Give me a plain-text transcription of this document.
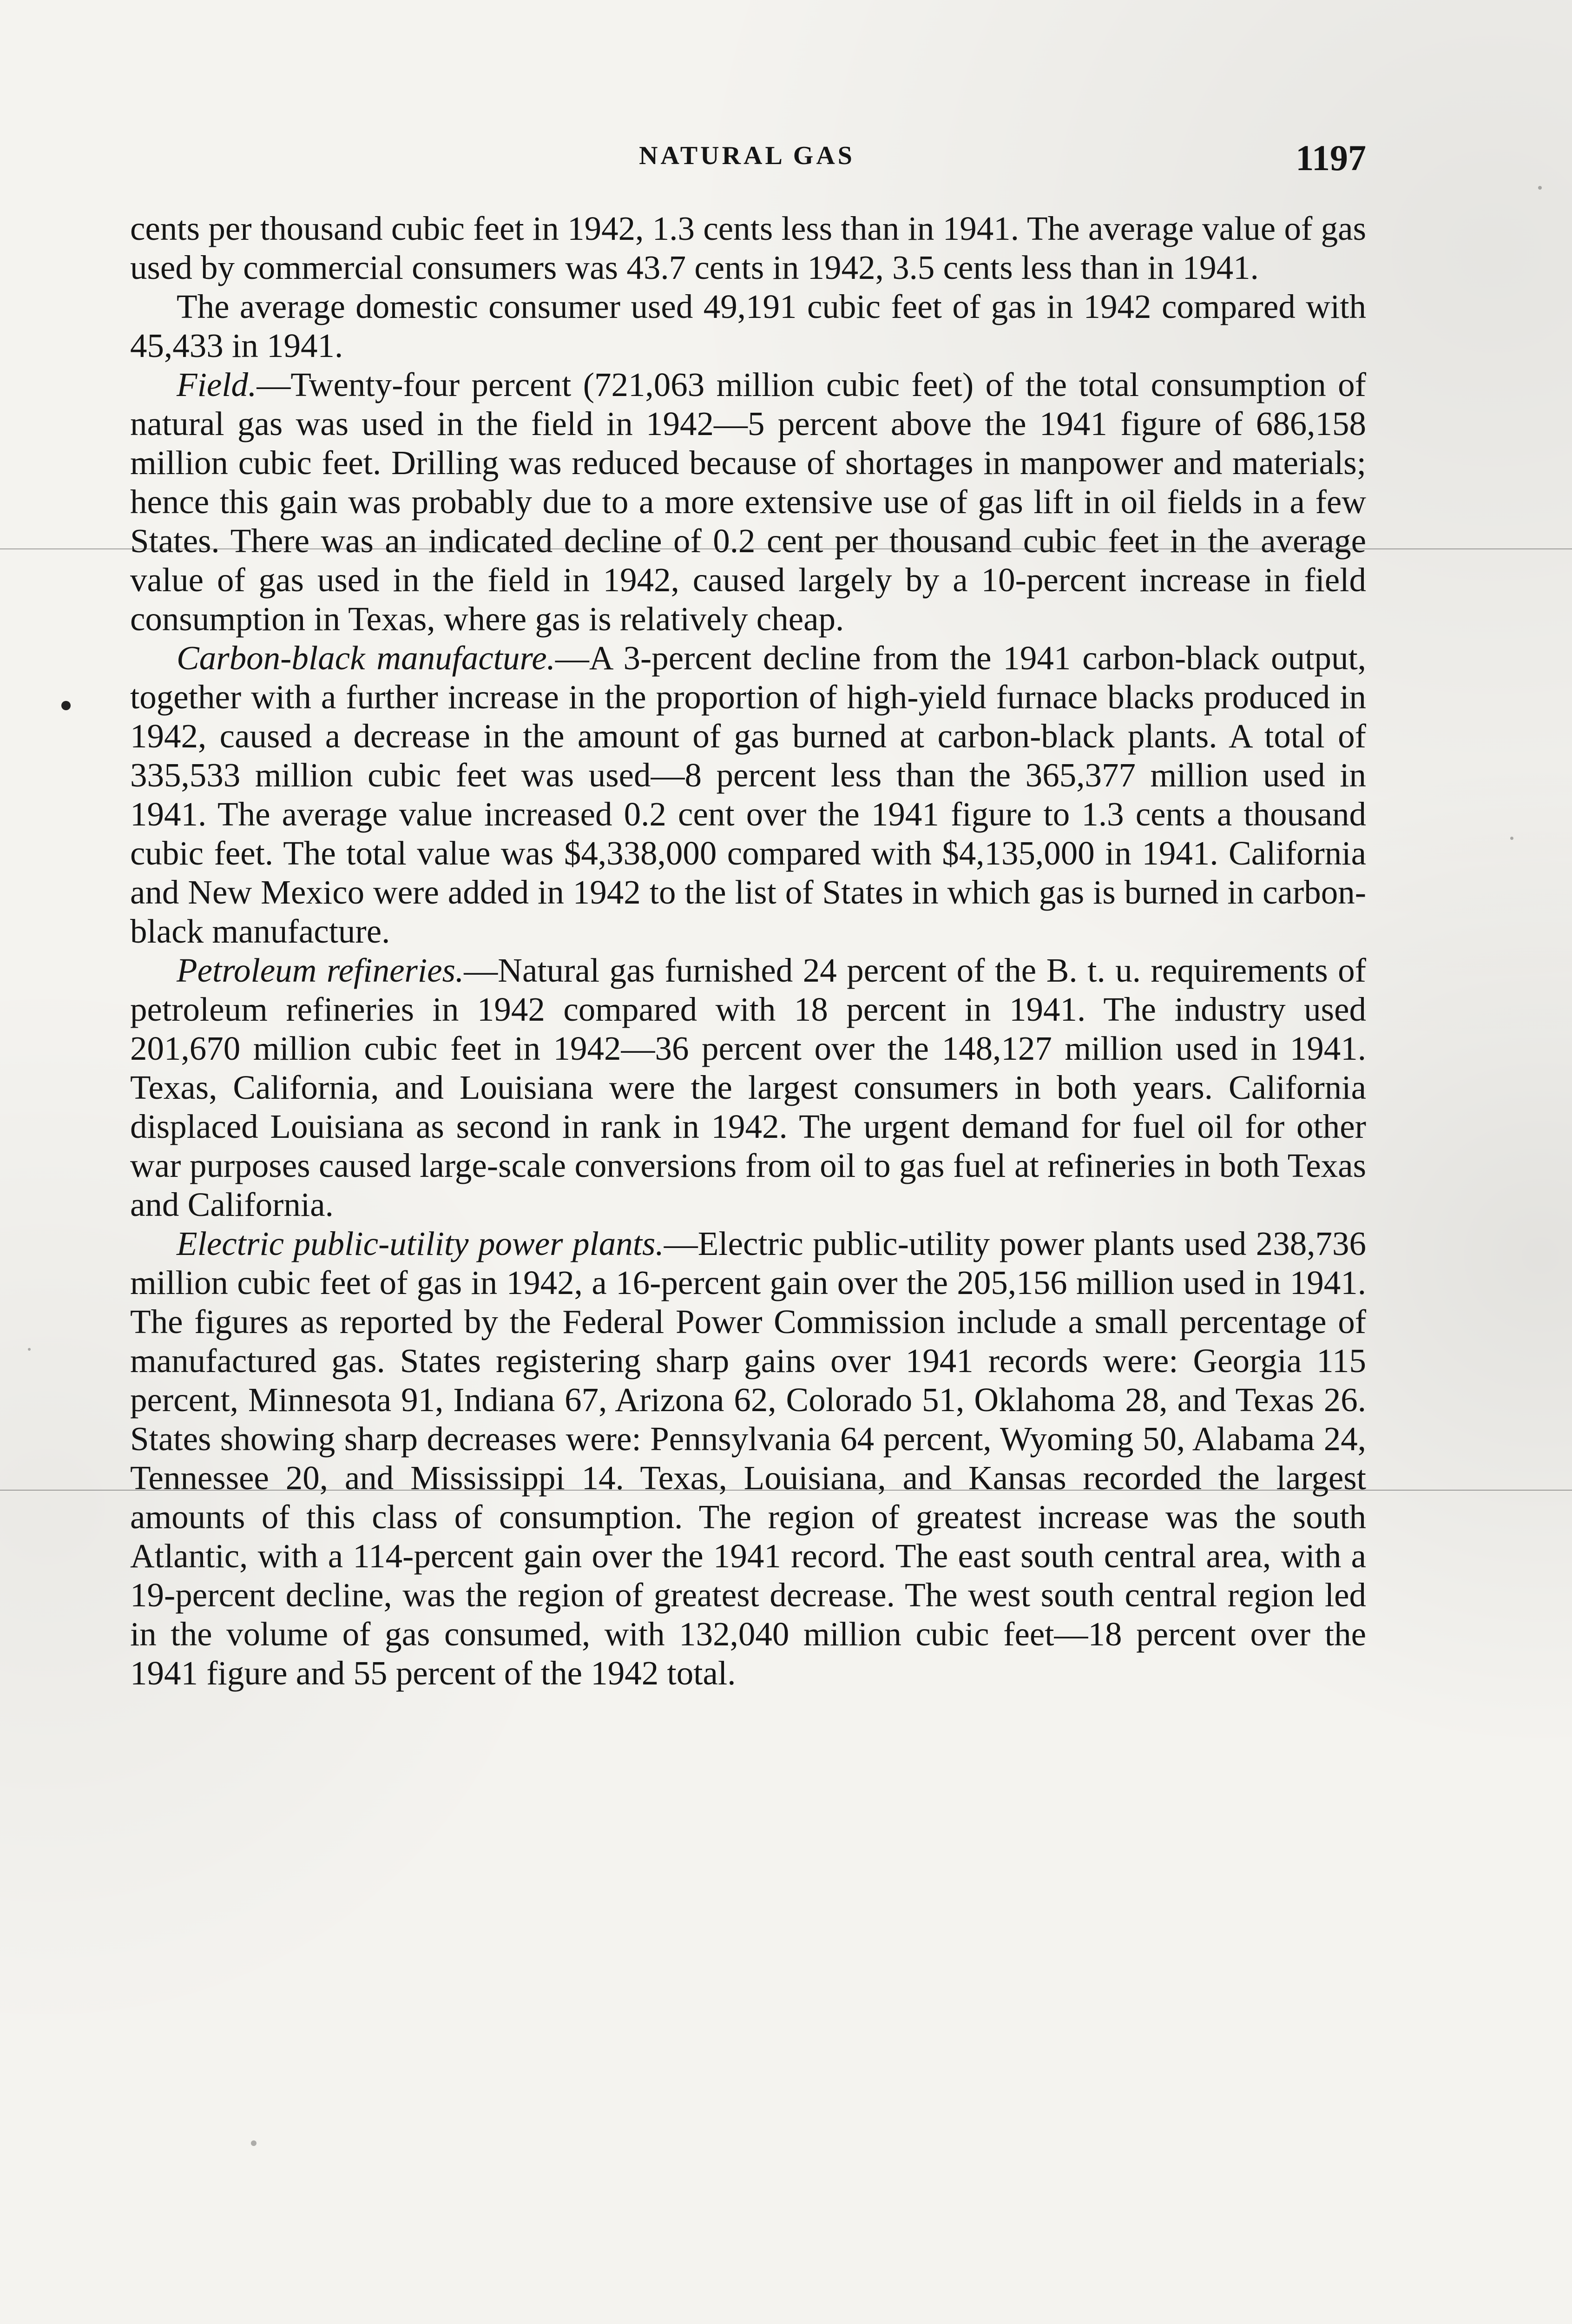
NATURAL GAS	1197

cents per thousand cubic feet in 1942, 1.3 cents less than in 1941. The average value of gas used by commercial consumers was 43.7 cents in 1942, 3.5 cents less than in 1941.

The average domestic consumer used 49,191 cubic feet of gas in 1942 compared with 45,433 in 1941.

Field.—Twenty-four percent (721,063 million cubic feet) of the total consumption of natural gas was used in the field in 1942—5 percent above the 1941 figure of 686,158 million cubic feet. Drilling was reduced because of shortages in manpower and materials; hence this gain was probably due to a more extensive use of gas lift in oil fields in a few States. There was an indicated decline of 0.2 cent per thousand cubic feet in the average value of gas used in the field in 1942, caused largely by a 10-percent increase in field consumption in Texas, where gas is relatively cheap.

Carbon-black manufacture.—A 3-percent decline from the 1941 carbon-black output, together with a further increase in the proportion of high-yield furnace blacks produced in 1942, caused a decrease in the amount of gas burned at carbon-black plants. A total of 335,533 million cubic feet was used—8 percent less than the 365,377 million used in 1941. The average value increased 0.2 cent over the 1941 figure to 1.3 cents a thousand cubic feet. The total value was $4,338,000 compared with $4,135,000 in 1941. California and New Mexico were added in 1942 to the list of States in which gas is burned in carbon-black manufacture.

Petroleum refineries.—Natural gas furnished 24 percent of the B. t. u. requirements of petroleum refineries in 1942 compared with 18 percent in 1941. The industry used 201,670 million cubic feet in 1942—36 percent over the 148,127 million used in 1941. Texas, California, and Louisiana were the largest consumers in both years. California displaced Louisiana as second in rank in 1942. The urgent demand for fuel oil for other war purposes caused large-scale conversions from oil to gas fuel at refineries in both Texas and California.

Electric public-utility power plants.—Electric public-utility power plants used 238,736 million cubic feet of gas in 1942, a 16-percent gain over the 205,156 million used in 1941. The figures as reported by the Federal Power Commission include a small percentage of manufactured gas. States registering sharp gains over 1941 records were: Georgia 115 percent, Minnesota 91, Indiana 67, Arizona 62, Colorado 51, Oklahoma 28, and Texas 26. States showing sharp decreases were: Pennsylvania 64 percent, Wyoming 50, Alabama 24, Tennessee 20, and Mississippi 14. Texas, Louisiana, and Kansas recorded the largest amounts of this class of consumption. The region of greatest increase was the south Atlantic, with a 114-percent gain over the 1941 record. The east south central area, with a 19-percent decline, was the region of greatest decrease. The west south central region led in the volume of gas consumed, with 132,040 million cubic feet—18 percent over the 1941 figure and 55 percent of the 1942 total.
